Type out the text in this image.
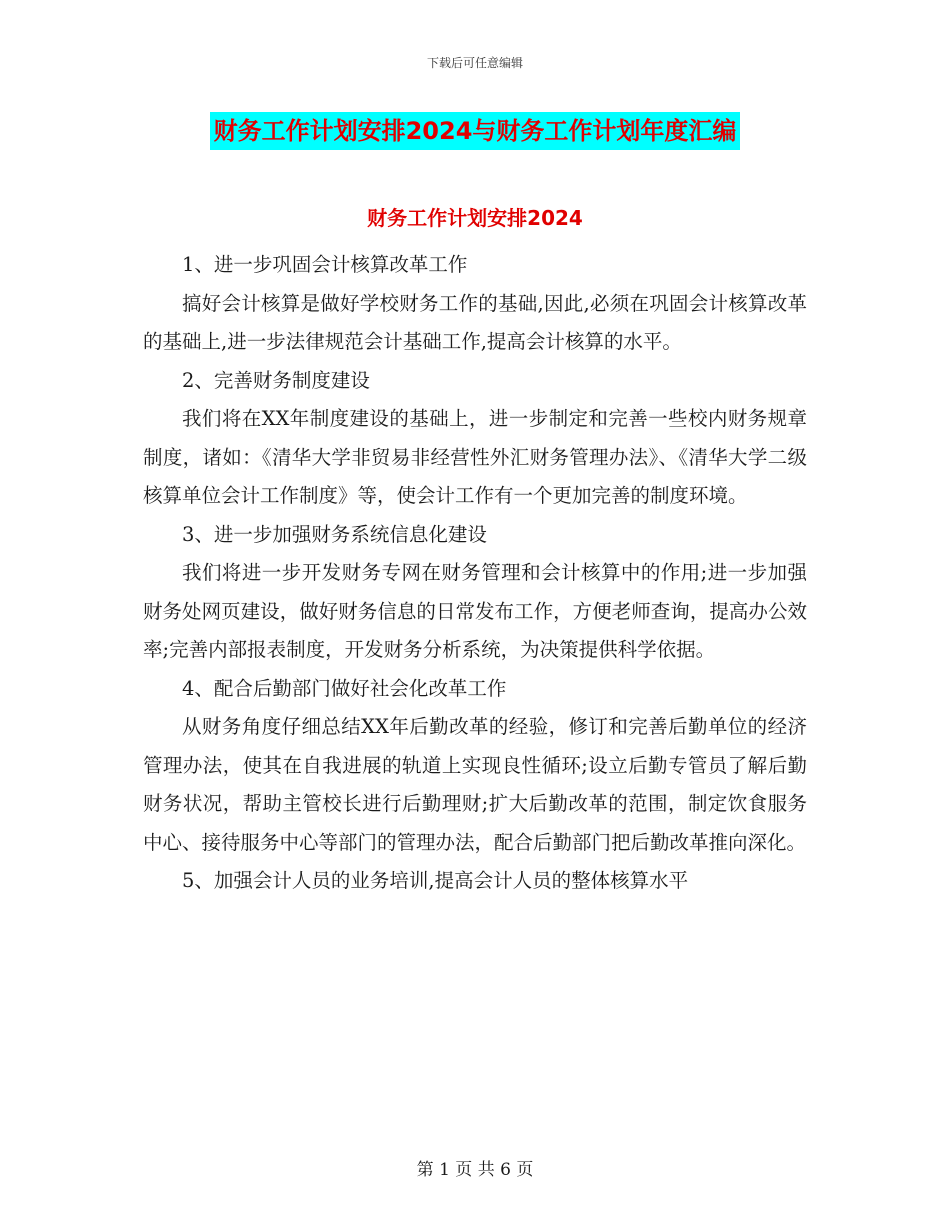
下载后可任意编辑
财务工作计划安排2024与财务工作计划年度汇编
财务工作计划安排2024

1、进一步巩固会计核算改革工作

搞好会计核算是做好学校财务工作的基础,因此,必须在巩固会计核算改革的基础上,进一步法律规范会计基础工作,提高会计核算的水平。

2、完善财务制度建设

我们将在XX年制度建设的基础上，进一步制定和完善一些校内财务规章制度，诸如：《清华大学非贸易非经营性外汇财务管理办法》、《清华大学二级核算单位会计工作制度》等，使会计工作有一个更加完善的制度环境。

3、进一步加强财务系统信息化建设

我们将进一步开发财务专网在财务管理和会计核算中的作用;进一步加强财务处网页建设，做好财务信息的日常发布工作，方便老师查询，提高办公效率;完善内部报表制度，开发财务分析系统，为决策提供科学依据。

4、配合后勤部门做好社会化改革工作

从财务角度仔细总结XX年后勤改革的经验，修订和完善后勤单位的经济管理办法，使其在自我进展的轨道上实现良性循环;设立后勤专管员了解后勤财务状况，帮助主管校长进行后勤理财;扩大后勤改革的范围，制定饮食服务中心、接待服务中心等部门的管理办法，配合后勤部门把后勤改革推向深化。

5、加强会计人员的业务培训,提高会计人员的整体核算水平

第 1 页 共 6 页
